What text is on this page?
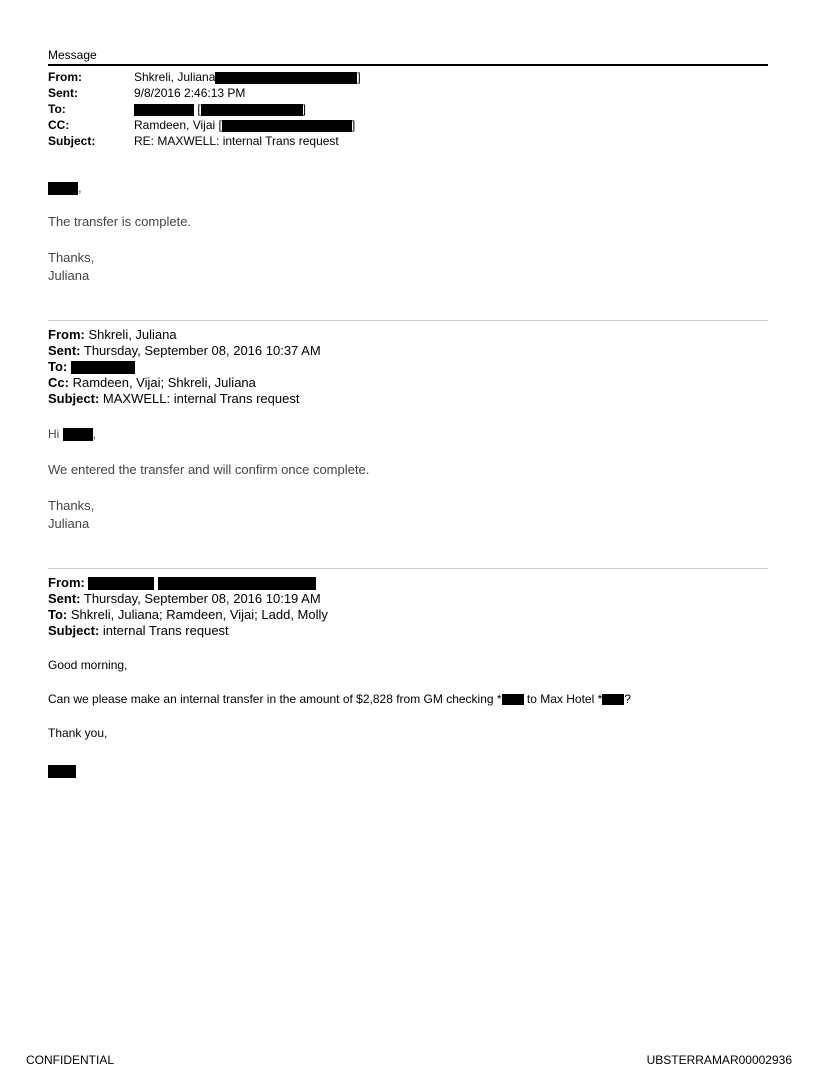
Message
From:	Shkreli, Juliana	]
Sent:	9/8/2016 2:46:13 PM
To:	[	]
CC:	Ramdeen, Vijai [	]
Subject:	RE: MAXWELL: internal Trans request
,
The transfer is complete.
Thanks,
Juliana
From: Shkreli, Juliana
Sent: Thursday, September 08, 2016 10:37 AM
To:
Cc: Ramdeen, Vijai; Shkreli, Juliana
Subject: MAXWELL: internal Trans request
Hi	,
We entered the transfer and will confirm once complete.
Thanks,
Juliana
From:
Sent: Thursday, September 08, 2016 10:19 AM
To: Shkreli, Juliana; Ramdeen, Vijai; Ladd, Molly
Subject: internal Trans request
Good morning,
Can we please make an internal transfer in the amount of $2,828 from GM checking * to Max Hotel * ?
Thank you,
CONFIDENTIAL	UBSTERRAMAR00002936
